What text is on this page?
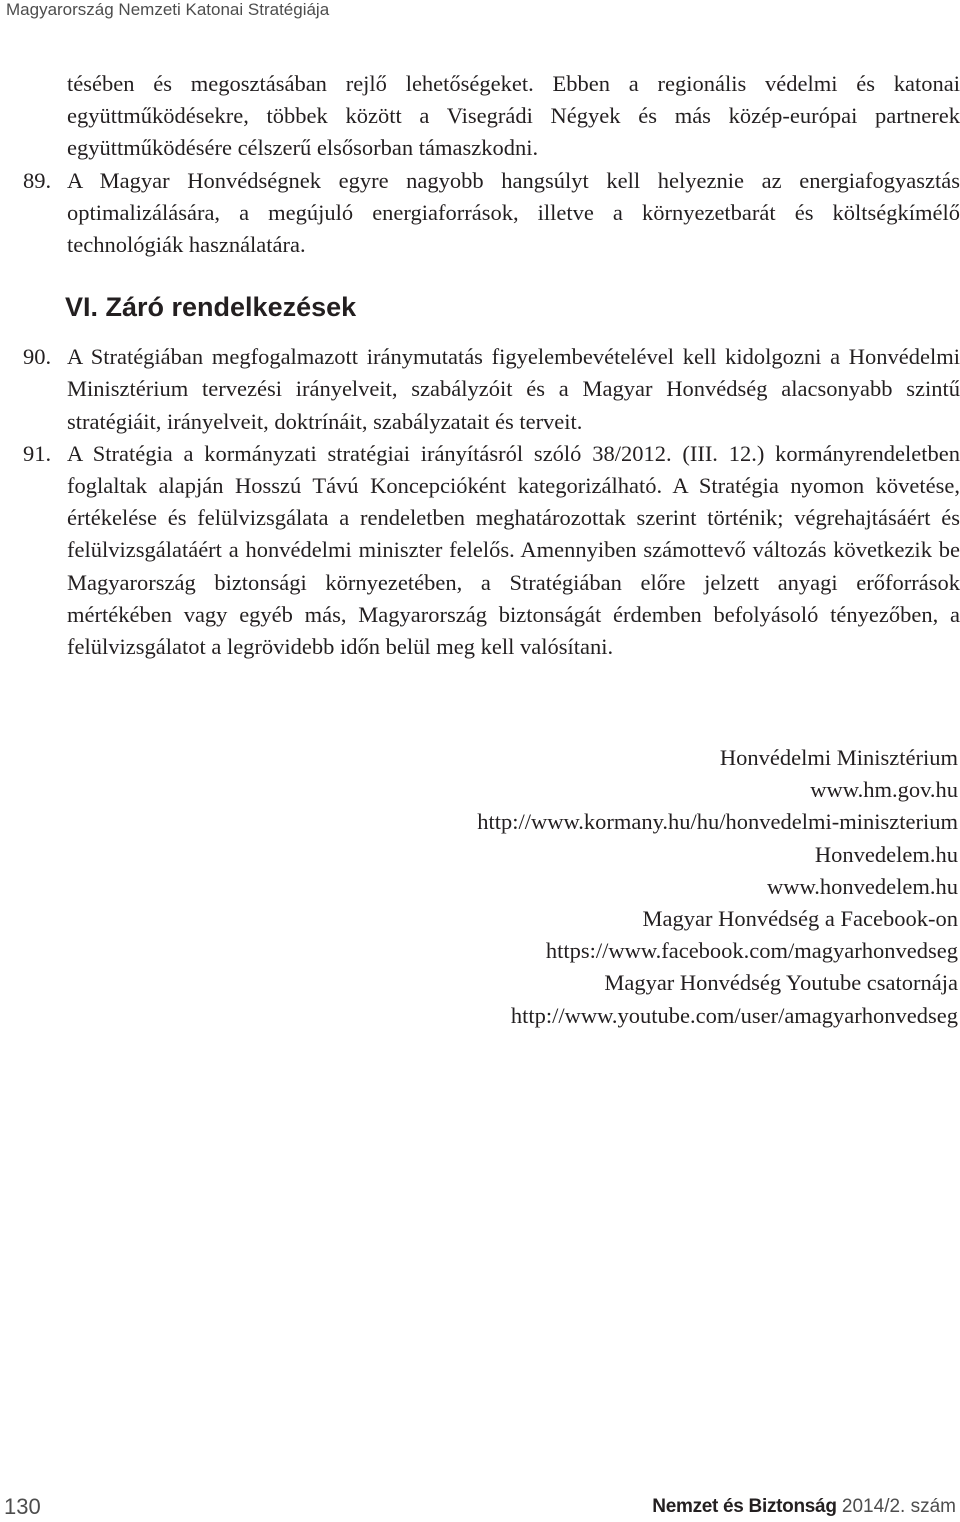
Magyarország Nemzeti Katonai Stratégiája

tésében és megosztásában rejlő lehetőségeket. Ebben a regionális védelmi és katonai együttműködésekre, többek között a Visegrádi Négyek és más közép-európai partnerek együttműködésére célszerű elsősorban támaszkodni.

89. A Magyar Honvédségnek egyre nagyobb hangsúlyt kell helyeznie az energiafogyasztás optimalizálására, a megújuló energiaforrások, illetve a környezetbarát és költségkímélő technológiák használatára.

VI. Záró rendelkezések

90. A Stratégiában megfogalmazott iránymutatás figyelembevételével kell kidolgozni a Honvédelmi Minisztérium tervezési irányelveit, szabályzóit és a Magyar Honvédség alacsonyabb szintű stratégiáit, irányelveit, doktrínáit, szabályzatait és terveit.

91. A Stratégia a kormányzati stratégiai irányításról szóló 38/2012. (III. 12.) kormányrendeletben foglaltak alapján Hosszú Távú Koncepcióként kategorizálható. A Stratégia nyomon követése, értékelése és felülvizsgálata a rendeletben meghatározottak szerint történik; végrehajtásáért és felülvizsgálatáért a honvédelmi miniszter felelős. Amennyiben számottevő változás következik be Magyarország biztonsági környezetében, a Stratégiában előre jelzett anyagi erőforrások mértékében vagy egyéb más, Magyarország biztonságát érdemben befolyásoló tényezőben, a felülvizsgálatot a legrövidebb időn belül meg kell valósítani.

Honvédelmi Minisztérium
www.hm.gov.hu
http://www.kormany.hu/hu/honvedelmi-miniszterium
Honvedelem.hu
www.honvedelem.hu
Magyar Honvédség a Facebook-on
https://www.facebook.com/magyarhonvedseg
Magyar Honvédség Youtube csatornája
http://www.youtube.com/user/amagyarhonvedseg
130	Nemzet és Biztonság 2014/2. szám
